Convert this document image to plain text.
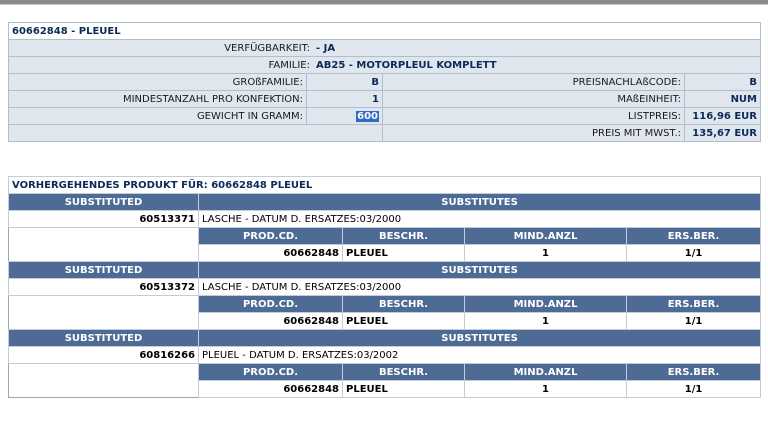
60662848 - PLEUEL

VERFÜGBARKEIT:	- JA

FAMILIE:	AB25 - MOTORPLEUL KOMPLETT

GROßFAMILIE:	B	PREISNACHLAßCODE:	B
MINDESTANZAHL PRO KONFEKTION:	1	MAßEINHEIT:	NUM
GEWICHT IN GRAMM:	600	LISTPREIS:	116,96 EUR
	PREIS MIT MWST.:	135,67 EUR
VORHERGEHENDES PRODUKT FÜR: 60662848 PLEUEL				
SUBSTITUTED	SUBSTITUTES			
60513371	LASCHE - DATUM D. ERSATZES:03/2000			
	PROD.CD.	BESCHR.	MIND.ANZL	ERS.BER.
	60662848	PLEUEL	1	1/1
SUBSTITUTED	SUBSTITUTES			
60513372	LASCHE - DATUM D. ERSATZES:03/2000			
	PROD.CD.	BESCHR.	MIND.ANZL	ERS.BER.
	60662848	PLEUEL	1	1/1
SUBSTITUTED	SUBSTITUTES			
60816266	PLEUEL - DATUM D. ERSATZES:03/2002			
	PROD.CD.	BESCHR.	MIND.ANZL	ERS.BER.
	60662848	PLEUEL	1	1/1
